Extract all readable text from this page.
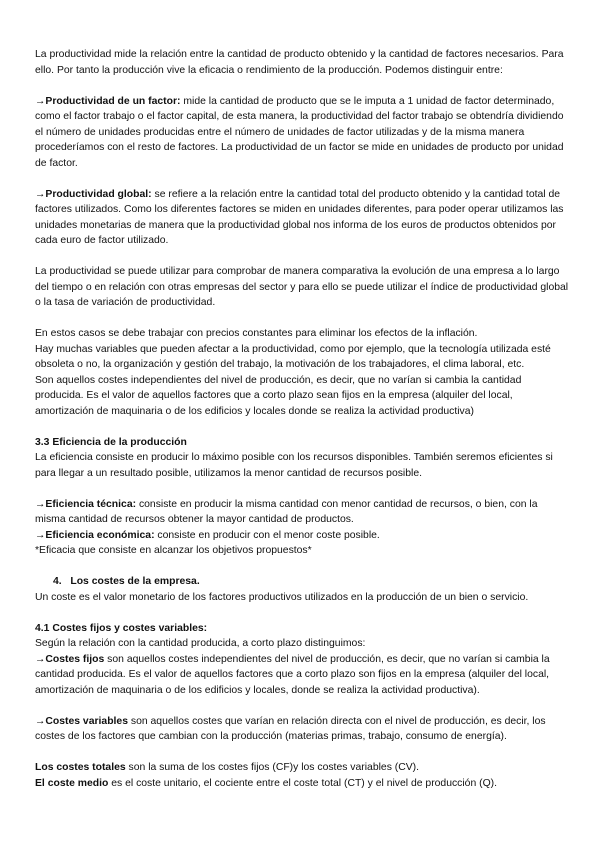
La productividad mide la relación entre la cantidad de producto obtenido y la cantidad de factores necesarios. Para ello. Por tanto la producción vive la eficacia o rendimiento de la producción. Podemos distinguir entre:

→Productividad de un factor: mide la cantidad de producto que se le imputa a 1 unidad de factor determinado, como el factor trabajo o el factor capital, de esta manera, la productividad del factor trabajo se obtendría dividiendo el número de unidades producidas entre el número de unidades de factor utilizadas y de la misma manera procederíamos con el resto de factores. La productividad de un factor se mide en unidades de producto por unidad de factor.

→Productividad global: se refiere a la relación entre la cantidad total del producto obtenido y la cantidad total de factores utilizados. Como los diferentes factores se miden en unidades diferentes, para poder operar utilizamos las unidades monetarias de manera que la productividad global nos informa de los euros de productos obtenidos por cada euro de factor utilizado.

La productividad se puede utilizar para comprobar de manera comparativa la evolución de una empresa a lo largo del tiempo o en relación con otras empresas del sector y para ello se puede utilizar el índice de productividad global o la tasa de variación de productividad.

En estos casos se debe trabajar con precios constantes para eliminar los efectos de la inflación.

Hay muchas variables que pueden afectar a la productividad, como por ejemplo, que la tecnología utilizada esté obsoleta o no, la organización y gestión del trabajo, la motivación de los trabajadores, el clima laboral, etc.

Son aquellos costes independientes del nivel de producción, es decir, que no varían si cambia la cantidad producida. Es el valor de aquellos factores que a corto plazo sean fijos en la empresa (alquiler del local, amortización de maquinaria o de los edificios y locales donde se realiza la actividad productiva)

3.3 Eficiencia de la producción

La eficiencia consiste en producir lo máximo posible con los recursos disponibles. También seremos eficientes si para llegar a un resultado posible, utilizamos la menor cantidad de recursos posible.

→Eficiencia técnica: consiste en producir la misma cantidad con menor cantidad de recursos, o bien, con la misma cantidad de recursos obtener la mayor cantidad de productos.

→Eficiencia económica: consiste en producir con el menor coste posible.

*Eficacia que consiste en alcanzar los objetivos propuestos*

4. Los costes de la empresa.

Un coste es el valor monetario de los factores productivos utilizados en la producción de un bien o servicio.

4.1 Costes fijos y costes variables:

Según la relación con la cantidad producida, a corto plazo distinguimos:

→Costes fijos son aquellos costes independientes del nivel de producción, es decir, que no varían si cambia la cantidad producida. Es el valor de aquellos factores que a corto plazo son fijos en la empresa (alquiler del local, amortización de maquinaria o de los edificios y locales, donde se realiza la actividad productiva).

→Costes variables son aquellos costes que varían en relación directa con el nivel de producción, es decir, los costes de los factores que cambian con la producción (materias primas, trabajo, consumo de energía).

Los costes totales son la suma de los costes fijos (CF)y los costes variables (CV).

El coste medio es el coste unitario, el cociente entre el coste total (CT) y el nivel de producción (Q).
